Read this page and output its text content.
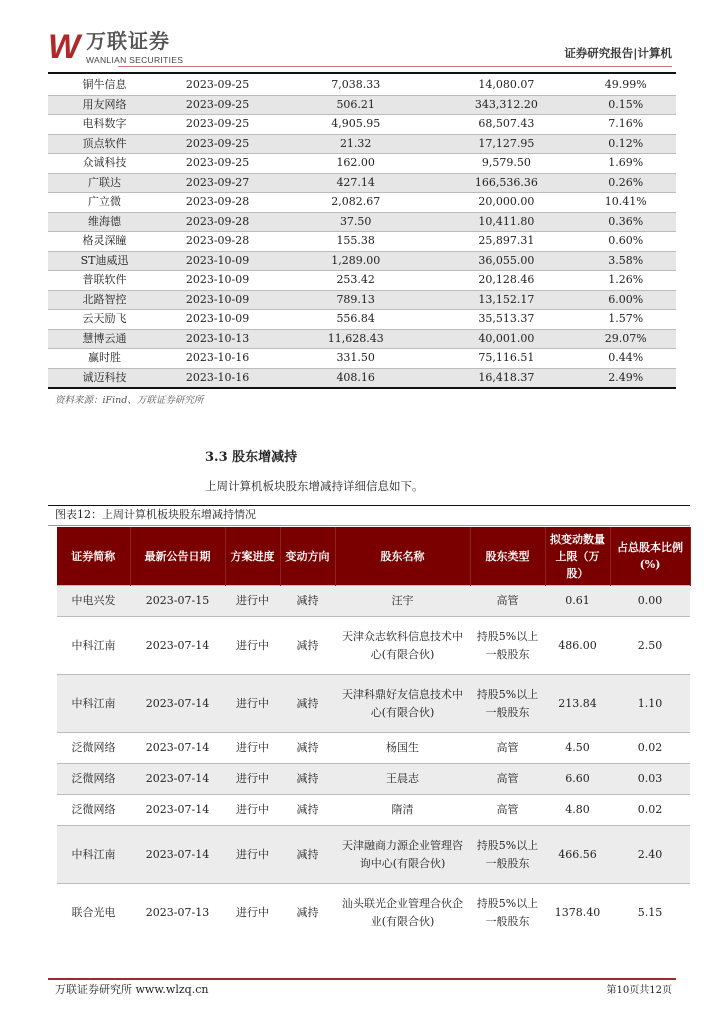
W 万联证券
WANLIAN SECURITIES	证券研究报告|计算机
铜牛信息	2023-09-25	7,038.33	14,080.07	49.99%
用友网络	2023-09-25	506.21	343,312.20	0.15%
电科数字	2023-09-25	4,905.95	68,507.43	7.16%
顶点软件	2023-09-25	21.32	17,127.95	0.12%
众诚科技	2023-09-25	162.00	9,579.50	1.69%
广联达	2023-09-27	427.14	166,536.36	0.26%
广立微	2023-09-28	2,082.67	20,000.00	10.41%
维海德	2023-09-28	37.50	10,411.80	0.36%
格灵深瞳	2023-09-28	155.38	25,897.31	0.60%
ST迪威迅	2023-10-09	1,289.00	36,055.00	3.58%
普联软件	2023-10-09	253.42	20,128.46	1.26%
北路智控	2023-10-09	789.13	13,152.17	6.00%
云天励飞	2023-10-09	556.84	35,513.37	1.57%
慧博云通	2023-10-13	11,628.43	40,001.00	29.07%
赢时胜	2023-10-16	331.50	75,116.51	0.44%
诚迈科技	2023-10-16	408.16	16,418.37	2.49%
资料来源：iFind、万联证券研究所
3.3 股东增减持
上周计算机板块股东增减持详细信息如下。
图表12：上周计算机板块股东增减持情况
证券简称	最新公告日期	方案进度	变动方向	股东名称	股东类型	拟变动数量上限（万股）	占总股本比例(%)
中电兴发	2023-07-15	进行中	减持	汪宇	高管	0.61	0.00
中科江南	2023-07-14	进行中	减持	天津众志软科信息技术中心(有限合伙)	持股5%以上一般股东	486.00	2.50
中科江南	2023-07-14	进行中	减持	天津科鼎好友信息技术中心(有限合伙)	持股5%以上一般股东	213.84	1.10
泛微网络	2023-07-14	进行中	减持	杨国生	高管	4.50	0.02
泛微网络	2023-07-14	进行中	减持	王晨志	高管	6.60	0.03
泛微网络	2023-07-14	进行中	减持	隋清	高管	4.80	0.02
中科江南	2023-07-14	进行中	减持	天津融商力源企业管理咨询中心(有限合伙)	持股5%以上一般股东	466.56	2.40
联合光电	2023-07-13	进行中	减持	汕头联光企业管理合伙企业(有限合伙)	持股5%以上一般股东	1378.40	5.15
万联证券研究所 www.wlzq.cn	第10页共12页
